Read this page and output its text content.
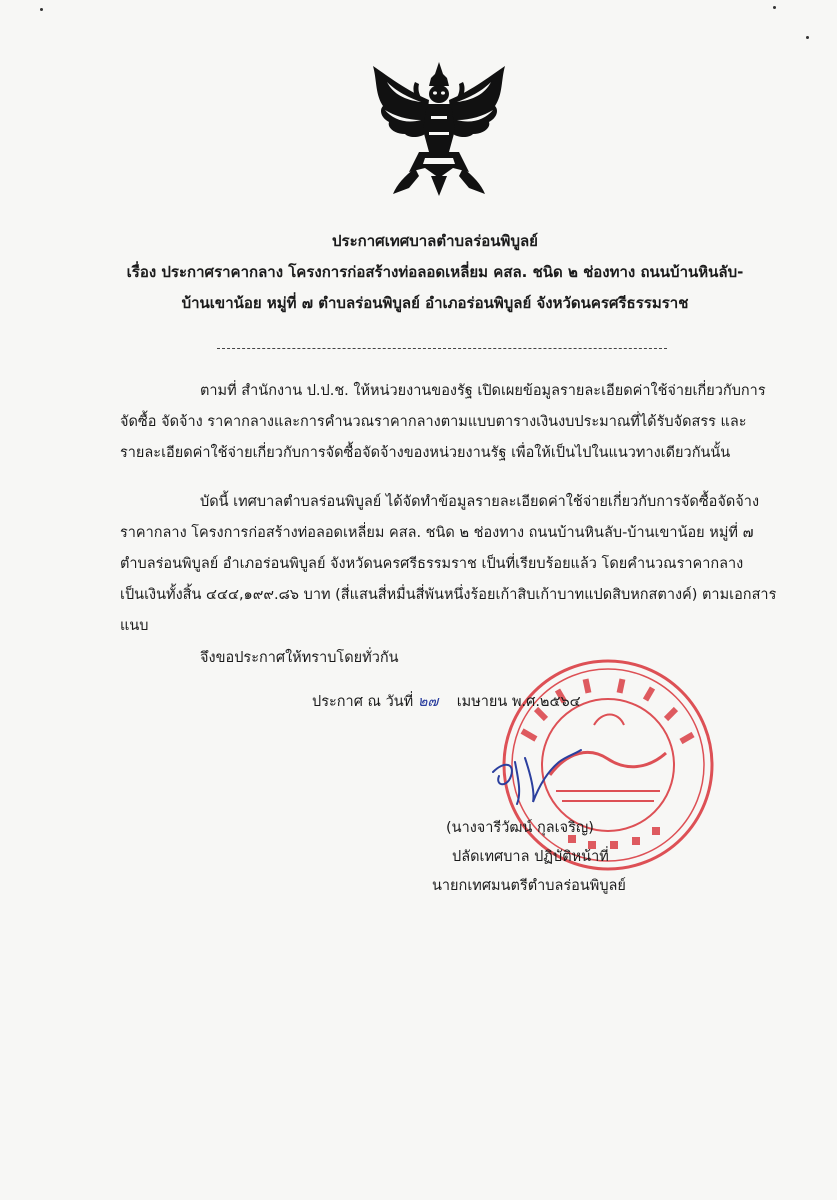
ประกาศเทศบาลตำบลร่อนพิบูลย์
เรื่อง ประกาศราคากลาง โครงการก่อสร้างท่อลอดเหลี่ยม คสล. ชนิด ๒ ช่องทาง ถนนบ้านหินลับ-
บ้านเขาน้อย หมู่ที่ ๗ ตำบลร่อนพิบูลย์ อำเภอร่อนพิบูลย์ จังหวัดนครศรีธรรมราช
ตามที่ สำนักงาน ป.ป.ช. ให้หน่วยงานของรัฐ เปิดเผยข้อมูลรายละเอียดค่าใช้จ่ายเกี่ยวกับการ
จัดซื้อ จัดจ้าง ราคากลางและการคำนวณราคากลางตามแบบตารางเงินงบประมาณที่ได้รับจัดสรร และ
รายละเอียดค่าใช้จ่ายเกี่ยวกับการจัดซื้อจัดจ้างของหน่วยงานรัฐ เพื่อให้เป็นไปในแนวทางเดียวกันนั้น
บัดนี้ เทศบาลตำบลร่อนพิบูลย์ ได้จัดทำข้อมูลรายละเอียดค่าใช้จ่ายเกี่ยวกับการจัดซื้อจัดจ้าง
ราคากลาง โครงการก่อสร้างท่อลอดเหลี่ยม คสล. ชนิด ๒ ช่องทาง ถนนบ้านหินลับ-บ้านเขาน้อย หมู่ที่ ๗
ตำบลร่อนพิบูลย์ อำเภอร่อนพิบูลย์ จังหวัดนครศรีธรรมราช เป็นที่เรียบร้อยแล้ว โดยคำนวณราคากลาง
เป็นเงินทั้งสิ้น ๔๔๔,๑๙๙.๘๖ บาท (สี่แสนสี่หมื่นสี่พันหนึ่งร้อยเก้าสิบเก้าบาทแปดสิบหกสตางค์) ตามเอกสาร
แนบ
จึงขอประกาศให้ทราบโดยทั่วกัน
ประกาศ ณ วันที่ ๒๗ เมษายน พ.ศ.๒๕๖๔
(นางจารีวัฒน์ กุลเจริญ)
ปลัดเทศบาล ปฏิบัติหน้าที่
นายกเทศมนตรีตำบลร่อนพิบูลย์
